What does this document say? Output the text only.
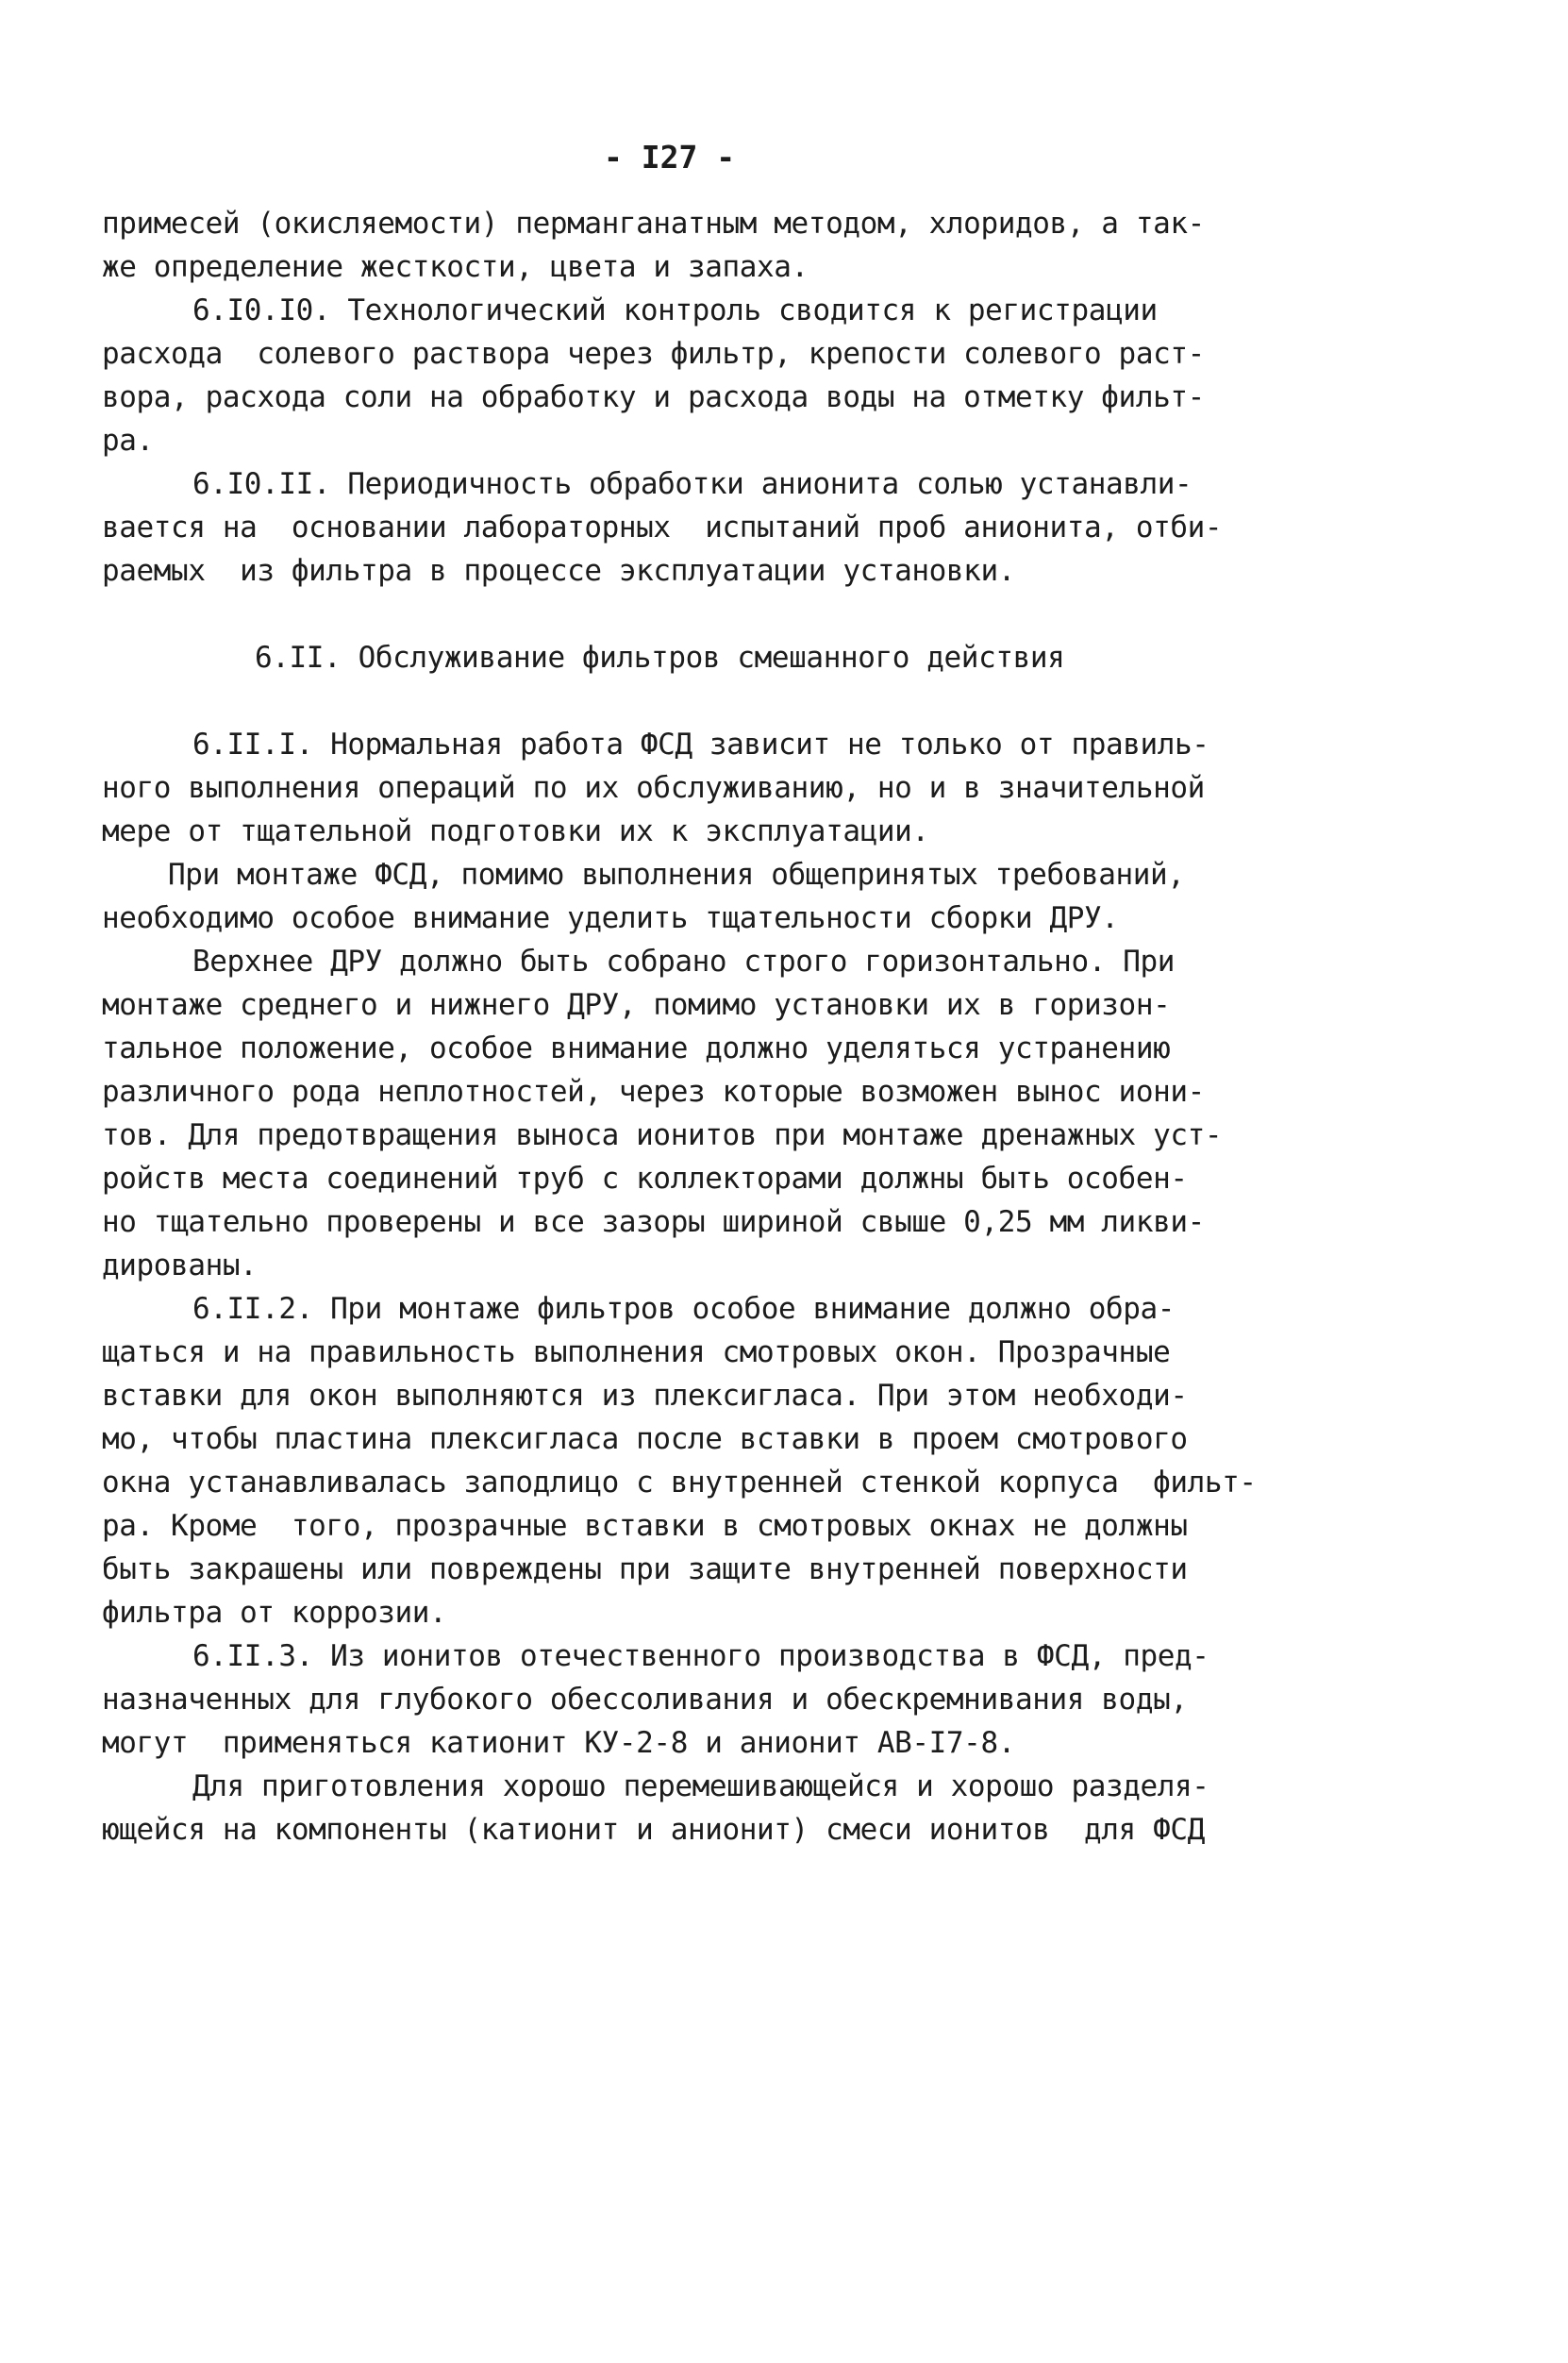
- I27 -
примесей (окисляемости) перманганатным методом, хлоридов, а так-
же определение жесткости, цвета и запаха.
6.I0.I0. Технологический контроль сводится к регистрации
расхода  солевого раствора через фильтр, крепости солевого раст-
вора, расхода соли на обработку и расхода воды на отметку фильт-
ра.
6.I0.II. Периодичность обработки анионита солью устанавли-
вается на  основании лабораторных  испытаний проб анионита, отби-
раемых  из фильтра в процессе эксплуатации установки.
6.II. Обслуживание фильтров смешанного действия
6.II.I. Нормальная работа ФСД зависит не только от правиль-
ного выполнения операций по их обслуживанию, но и в значительной
мере от тщательной подготовки их к эксплуатации.
При монтаже ФСД, помимо выполнения общепринятых требований,
необходимо особое внимание уделить тщательности сборки ДРУ.
Верхнее ДРУ должно быть собрано строго горизонтально. При
монтаже среднего и нижнего ДРУ, помимо установки их в горизон-
тальное положение, особое внимание должно уделяться устранению
различного рода неплотностей, через которые возможен вынос иони-
тов. Для предотвращения выноса ионитов при монтаже дренажных уст-
ройств места соединений труб с коллекторами должны быть особен-
но тщательно проверены и все зазоры шириной свыше 0,25 мм ликви-
дированы.
6.II.2. При монтаже фильтров особое внимание должно обра-
щаться и на правильность выполнения смотровых окон. Прозрачные
вставки для окон выполняются из плексигласа. При этом необходи-
мо, чтобы пластина плексигласа после вставки в проем смотрового
окна устанавливалась заподлицо с внутренней стенкой корпуса  фильт-
ра. Кроме  того, прозрачные вставки в смотровых окнах не должны
быть закрашены или повреждены при защите внутренней поверхности
фильтра от коррозии.
6.II.3. Из ионитов отечественного производства в ФСД, пред-
назначенных для глубокого обессоливания и обескремнивания воды,
могут  применяться катионит КУ-2-8 и анионит АВ-I7-8.
Для приготовления хорошо перемешивающейся и хорошо разделя-
ющейся на компоненты (катионит и анионит) смеси ионитов  для ФСД
